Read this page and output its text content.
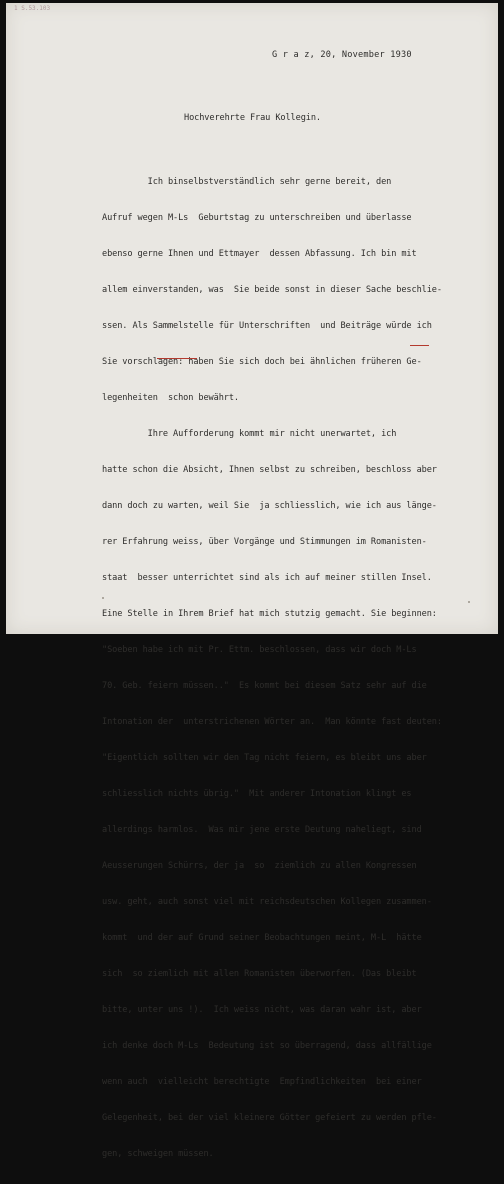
1 S.53.103
G r a z, 20, November 1930
Hochverehrte Frau Kollegin.

Ich binselbstverständlich sehr gerne bereit, den

Aufruf wegen M-Ls  Geburtstag zu unterschreiben und überlasse

ebenso gerne Ihnen und Ettmayer  dessen Abfassung. Ich bin mit

allem einverstanden, was  Sie beide sonst in dieser Sache beschlie-

ssen. Als Sammelstelle für Unterschriften  und Beiträge würde ich

Sie vorschlagen: haben Sie sich doch bei ähnlichen früheren Ge-

legenheiten  schon bewährt.

Ihre Aufforderung kommt mir nicht unerwartet, ich

hatte schon die Absicht, Ihnen selbst zu schreiben, beschloss aber

dann doch zu warten, weil Sie  ja schliesslich, wie ich aus länge-

rer Erfahrung weiss, über Vorgänge und Stimmungen im Romanisten-

staat  besser unterrichtet sind als ich auf meiner stillen Insel.

Eine Stelle in Ihrem Brief hat mich stutzig gemacht. Sie beginnen:

"Soeben habe ich mit Pr. Ettm. beschlossen, dass wir doch M-Ls

70. Geb. feiern müssen.."  Es kommt bei diesem Satz sehr auf die

Intonation der  unterstrichenen Wörter an.  Man könnte fast deuten:

"Eigentlich sollten wir den Tag nicht feiern, es bleibt uns aber

schliesslich nichts übrig."  Mit anderer Intonation klingt es

allerdings harmlos.  Was mir jene erste Deutung naheliegt, sind

Aeusserungen Schürrs, der ja  so  ziemlich zu allen Kongressen

usw. geht, auch sonst viel mit reichsdeutschen Kollegen zusammen-

kommt  und der auf Grund seiner Beobachtungen meint, M-L  hätte

sich  so ziemlich mit allen Romanisten überworfen. (Das bleibt

bitte, unter uns !).  Ich weiss nicht, was daran wahr ist, aber

ich denke doch M-Ls  Bedeutung ist so überragend, dass allfällige

wenn auch  vielleicht berechtigte  Empfindlichkeiten  bei einer

Gelegenheit, bei der viel kleinere Götter gefeiert zu werden pfle-

gen, schweigen müssen.
